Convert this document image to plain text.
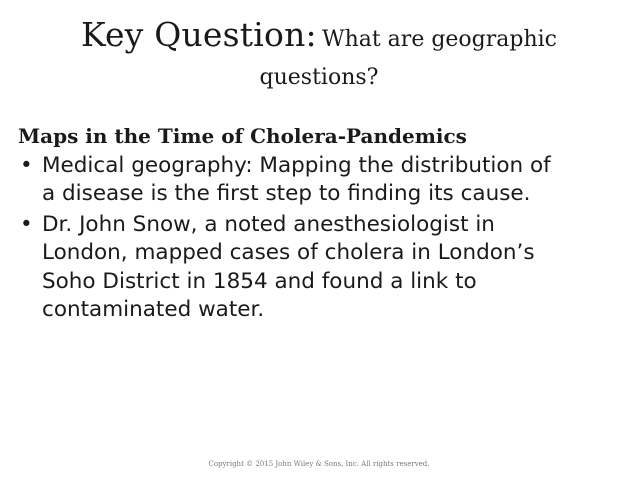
Key Question: What are geographic
questions?
Maps in the Time of Cholera-Pandemics
• Medical geography: Mapping the distribution of
a disease is the first step to finding its cause.
• Dr. John Snow, a noted anesthesiologist in
London, mapped cases of cholera in London’s
Soho District in 1854 and found a link to
contaminated water.
Copyright © 2015 John Wiley & Sons, Inc. All rights reserved.
